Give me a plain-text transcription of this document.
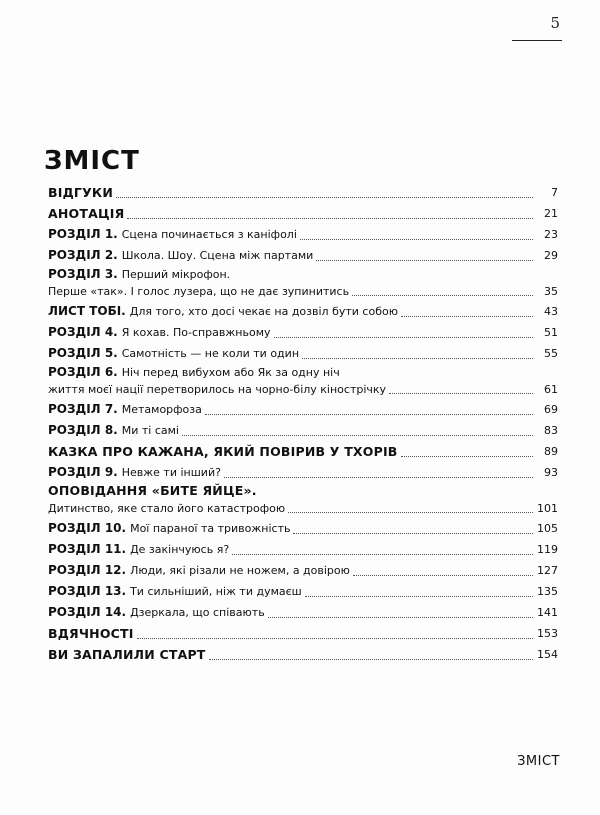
5
ЗМІСТ
ВІДГУКИ	7
АНОТАЦІЯ	21
РОЗДІЛ 1. Сцена починається з каніфолі	23
РОЗДІЛ 2. Школа. Шоу. Сцена між партами	29
РОЗДІЛ 3. Перший мікрофон.
Перше «так». І голос лузера, що не дає зупинитись	35
ЛИСТ ТОБІ. Для того, хто досі чекає на дозвіл бути собою	43
РОЗДІЛ 4. Я кохав. По-справжньому	51
РОЗДІЛ 5. Самотність — не коли ти один	55
РОЗДІЛ 6. Ніч перед вибухом або Як за одну ніч
життя моєї нації перетворилось на чорно-білу кінострічку	61
РОЗДІЛ 7. Метаморфоза	69
РОЗДІЛ 8. Ми ті самі	83
КАЗКА ПРО КАЖАНА, ЯКИЙ ПОВІРИВ У ТХОРІВ	89
РОЗДІЛ 9. Невже ти інший?	93
ОПОВІДАННЯ «БИТЕ ЯЙЦЕ».
Дитинство, яке стало його катастрофою	101
РОЗДІЛ 10. Мої параної та тривожність	105
РОЗДІЛ 11. Де закінчуюсь я?	119
РОЗДІЛ 12. Люди, які різали не ножем, а довірою	127
РОЗДІЛ 13. Ти сильніший, ніж ти думаєш	135
РОЗДІЛ 14. Дзеркала, що співають	141
ВДЯЧНОСТІ	153
ВИ ЗАПАЛИЛИ СТАРТ	154
ЗМІСТ
